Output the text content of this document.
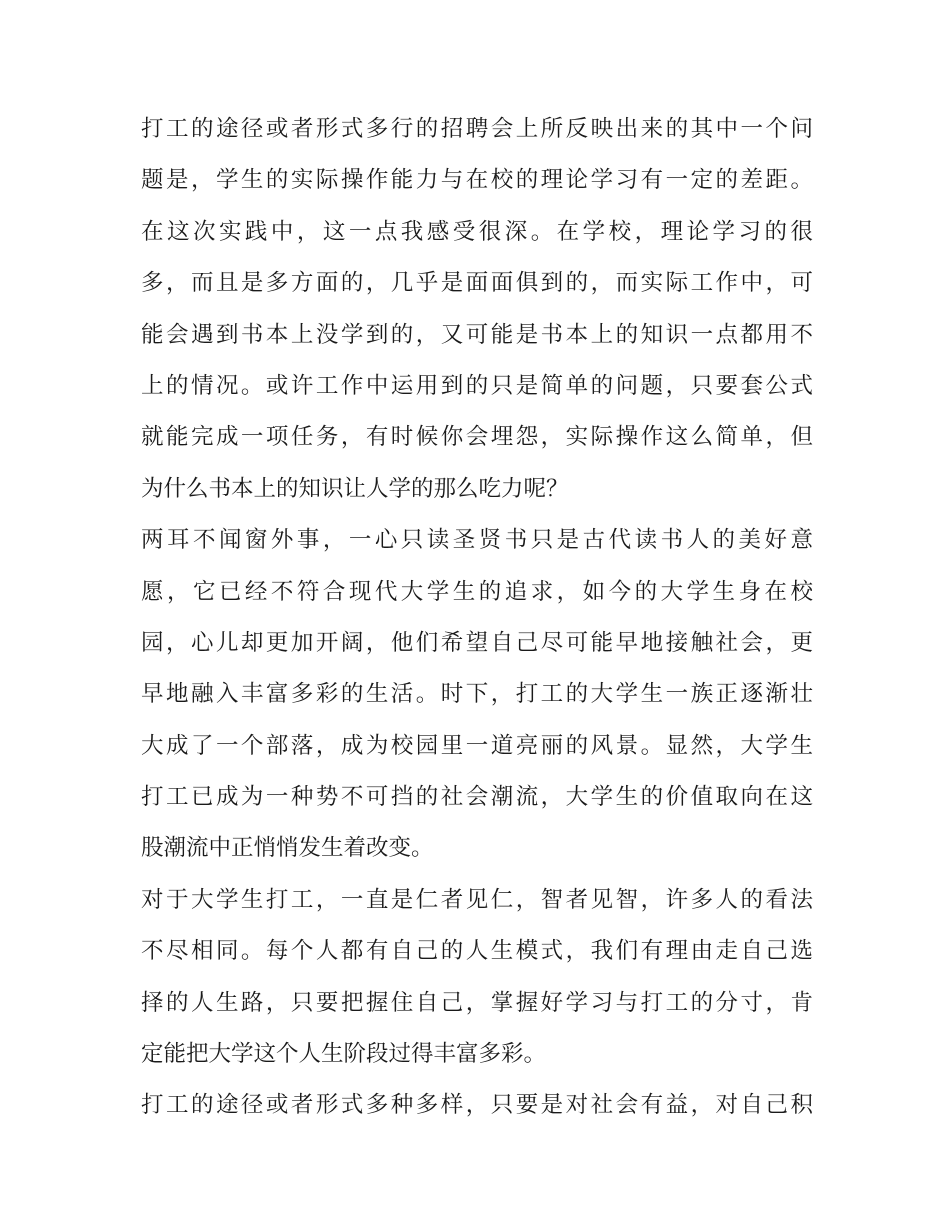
打工的途径或者形式多行的招聘会上所反映出来的其中一个问
题是，学生的实际操作能力与在校的理论学习有一定的差距。
在这次实践中，这一点我感受很深。在学校，理论学习的很
多，而且是多方面的，几乎是面面俱到的，而实际工作中，可
能会遇到书本上没学到的，又可能是书本上的知识一点都用不
上的情况。或许工作中运用到的只是简单的问题，只要套公式
就能完成一项任务，有时候你会埋怨，实际操作这么简单，但
为什么书本上的知识让人学的那么吃力呢？
两耳不闻窗外事，一心只读圣贤书只是古代读书人的美好意
愿，它已经不符合现代大学生的追求，如今的大学生身在校
园，心儿却更加开阔，他们希望自己尽可能早地接触社会，更
早地融入丰富多彩的生活。时下，打工的大学生一族正逐渐壮
大成了一个部落，成为校园里一道亮丽的风景。显然，大学生
打工已成为一种势不可挡的社会潮流，大学生的价值取向在这
股潮流中正悄悄发生着改变。
对于大学生打工，一直是仁者见仁，智者见智，许多人的看法
不尽相同。每个人都有自己的人生模式，我们有理由走自己选
择的人生路，只要把握住自己，掌握好学习与打工的分寸，肯
定能把大学这个人生阶段过得丰富多彩。
打工的途径或者形式多种多样，只要是对社会有益，对自己积
